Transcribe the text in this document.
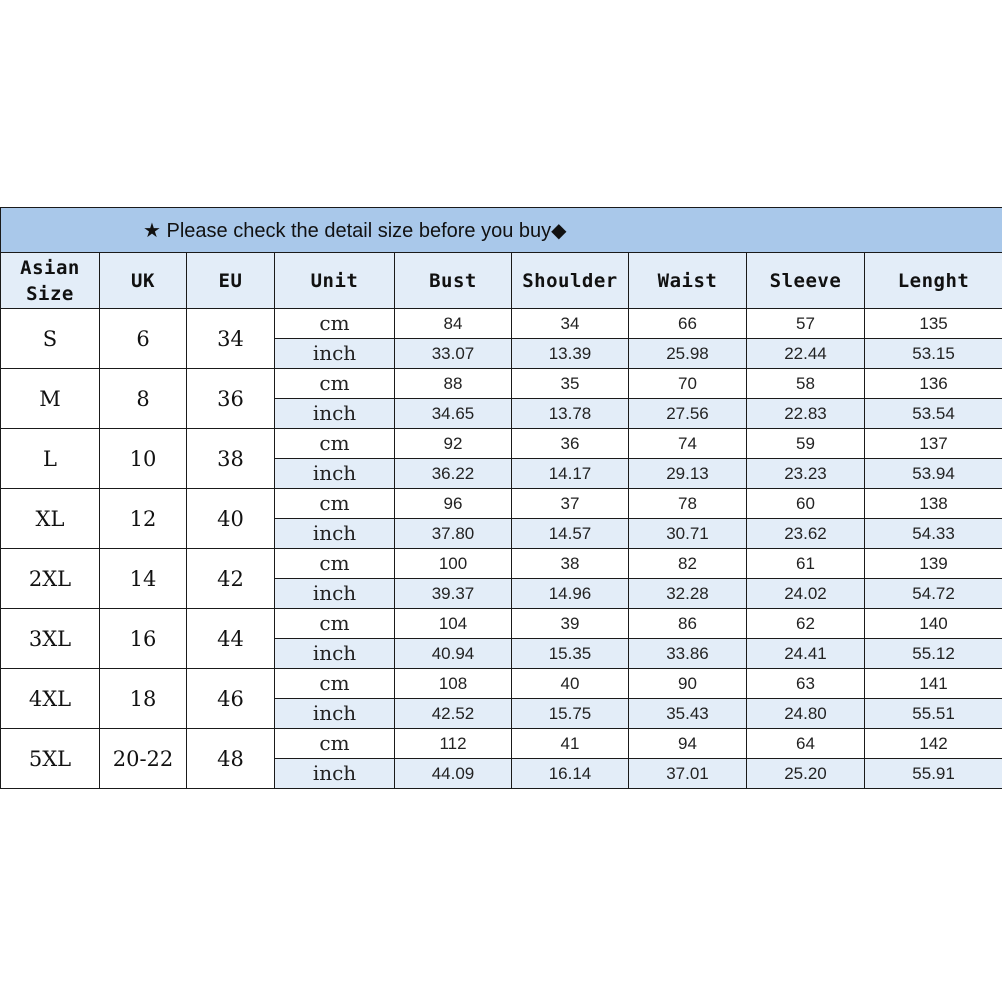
★ Please check the detail size before you buy◆								

Asian
Size	UK	EU	Unit	Bust	Shoulder	Waist	Sleeve	Lenght
S	6	34	cm	84	34	66	57	135
			inch	33.07	13.39	25.98	22.44	53.15
M	8	36	cm	88	35	70	58	136
			inch	34.65	13.78	27.56	22.83	53.54
L	10	38	cm	92	36	74	59	137
			inch	36.22	14.17	29.13	23.23	53.94
XL	12	40	cm	96	37	78	60	138
			inch	37.80	14.57	30.71	23.62	54.33
2XL	14	42	cm	100	38	82	61	139
			inch	39.37	14.96	32.28	24.02	54.72
3XL	16	44	cm	104	39	86	62	140
			inch	40.94	15.35	33.86	24.41	55.12
4XL	18	46	cm	108	40	90	63	141
			inch	42.52	15.75	35.43	24.80	55.51
5XL	20-22	48	cm	112	41	94	64	142
			inch	44.09	16.14	37.01	25.20	55.91
